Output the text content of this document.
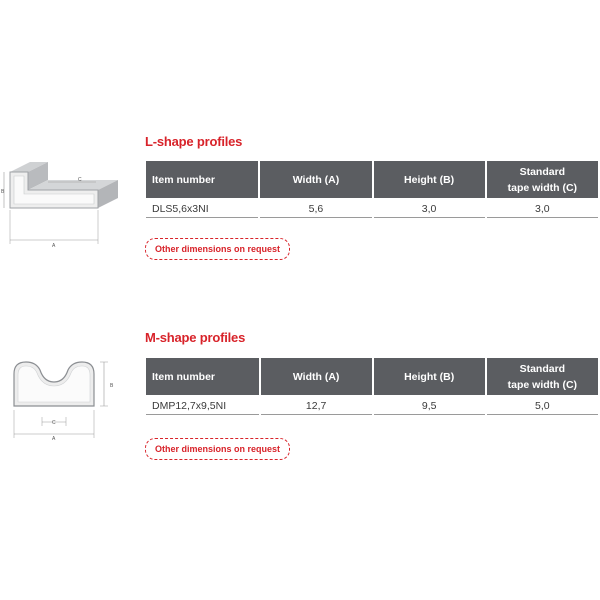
L-shape profiles
B
C
A
Item number	Width (A)	Height (B)	Standard
tape width (C)
DLS5,6x3NI	5,6	3,0	3,0
Other dimensions on request
M-shape profiles
B
C
A
Item number	Width (A)	Height (B)	Standard
tape width (C)
DMP12,7x9,5NI	12,7	9,5	5,0
Other dimensions on request
